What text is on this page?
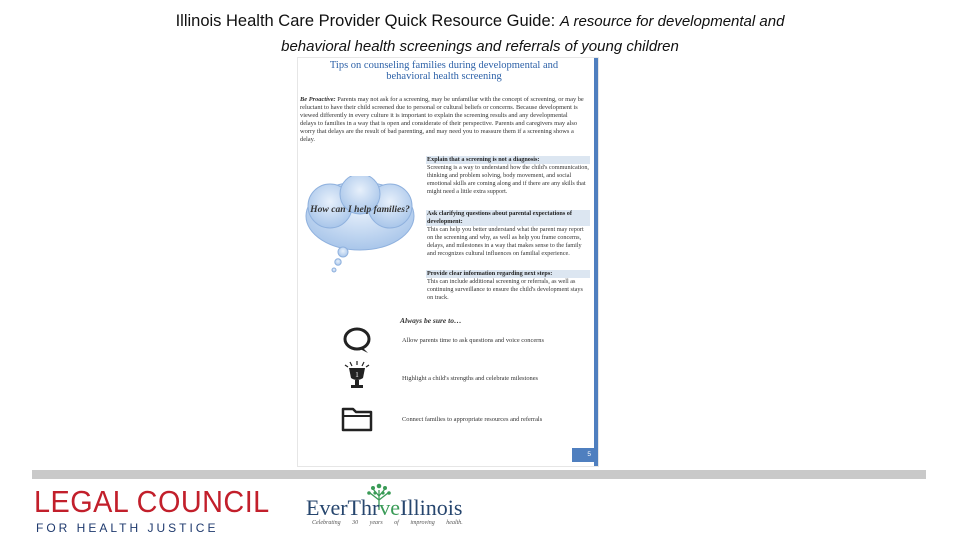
Illinois Health Care Provider Quick Resource Guide: A resource for developmental and
behavioral health screenings and referrals of young children
Tips on counseling families during developmental and
behavioral health screening
Be Proactive: Parents may not ask for a screening, may be unfamiliar with the concept of screening, or may be reluctant to have their child screened due to personal or cultural beliefs or concerns. Because development is viewed differently in every culture it is important to explain the screening results and any developmental delays to families in a way that is open and considerate of their perspective. Parents and caregivers may also worry that delays are the result of bad parenting, and may need you to reassure them if a screening shows a delay.
Explain that a screening is not a diagnosis:
Screening is a way to understand how the child's communication, thinking and problem solving, body movement, and social emotional skills are coming along and if there are any skills that might need a little extra support.
Ask clarifying questions about parental expectations of development:
This can help you better understand what the parent may report on the screening and why, as well as help you frame concerns, delays, and milestones in a way that makes sense to the family and recognizes cultural influences on familial experience.
Provide clear information regarding next steps:
This can include additional screening or referrals, as well as continuing surveillance to ensure the child's development stays on track.
How can I help families?
Always be sure to…
Allow parents time to ask questions and voice concerns
1	Highlight a child's strengths and celebrate milestones
Connect families to appropriate resources and referrals
5
LEGAL COUNCIL
FOR HEALTH JUSTICE
EverThrveIllinois
Celebrating 30 years of improving health.
